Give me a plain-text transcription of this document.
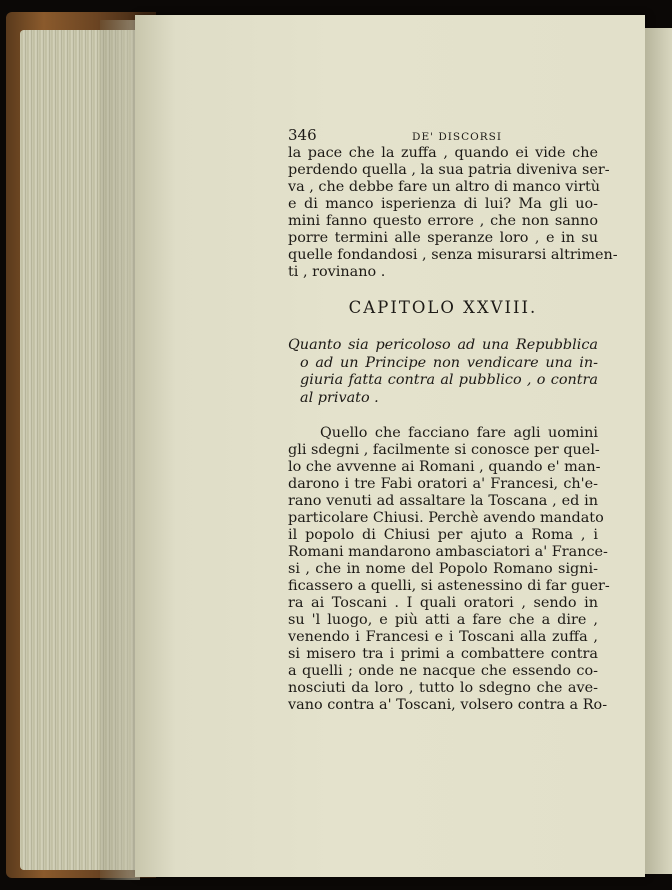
346	DE' DISCORSI
la pace che la zuffa , quando ei vide che
perdendo quella , la sua patria diveniva ser-
va , che debbe fare un altro di manco virtù
e di manco isperienza di lui? Ma gli uo-
mini fanno questo errore , che non sanno
porre termini alle speranze loro , e in su
quelle fondandosi , senza misurarsi altrimen-
ti , rovinano .
CAPITOLO XXVIII.
Quanto sia pericoloso ad una Repubblica
o ad un Principe non vendicare una in-
giuria fatta contra al pubblico , o contra
al privato .
Quello che facciano fare agli uomini
gli sdegni , facilmente si conosce per quel-
lo che avvenne ai Romani , quando e' man-
darono i tre Fabi oratori a' Francesi, ch'e-
rano venuti ad assaltare la Toscana , ed in
particolare Chiusi. Perchè avendo mandato
il popolo di Chiusi per ajuto a Roma , i
Romani mandarono ambasciatori a' France-
si , che in nome del Popolo Romano signi-
ficassero a quelli, si astenessino di far guer-
ra ai Toscani . I quali oratori , sendo in
su 'l luogo, e più atti a fare che a dire ,
venendo i Francesi e i Toscani alla zuffa ,
si misero tra i primi a combattere contra
a quelli ; onde ne nacque che essendo co-
nosciuti da loro , tutto lo sdegno che ave-
vano contra a' Toscani, volsero contra a Ro-
